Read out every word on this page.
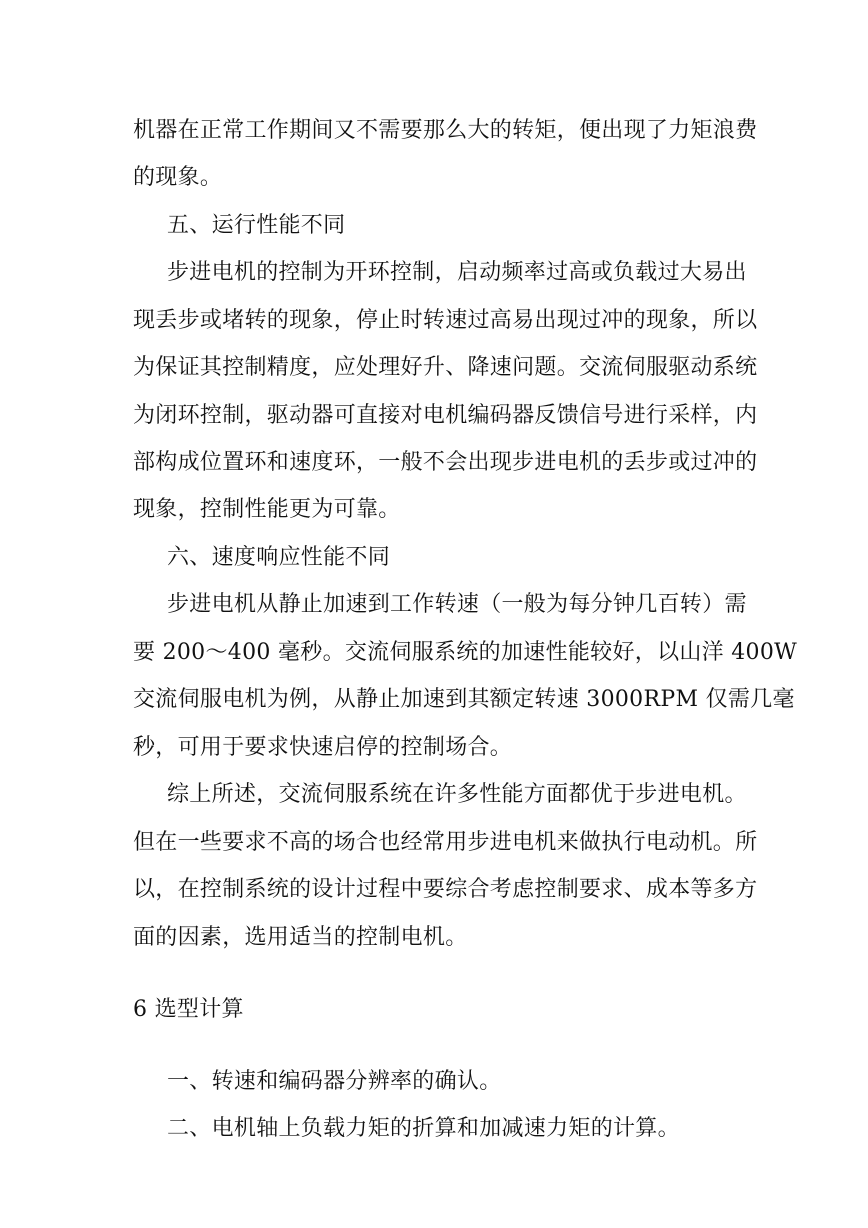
机器在正常工作期间又不需要那么大的转矩，便出现了力矩浪费
的现象。
五、运行性能不同
步进电机的控制为开环控制，启动频率过高或负载过大易出
现丢步或堵转的现象，停止时转速过高易出现过冲的现象，所以
为保证其控制精度，应处理好升、降速问题。交流伺服驱动系统
为闭环控制，驱动器可直接对电机编码器反馈信号进行采样，内
部构成位置环和速度环，一般不会出现步进电机的丢步或过冲的
现象，控制性能更为可靠。
六、速度响应性能不同
步进电机从静止加速到工作转速（一般为每分钟几百转）需
要 200～400 毫秒。交流伺服系统的加速性能较好，以山洋 400W
交流伺服电机为例，从静止加速到其额定转速 3000RPM 仅需几毫
秒，可用于要求快速启停的控制场合。
综上所述，交流伺服系统在许多性能方面都优于步进电机。
但在一些要求不高的场合也经常用步进电机来做执行电动机。所
以，在控制系统的设计过程中要综合考虑控制要求、成本等多方
面的因素，选用适当的控制电机。
6 选型计算
一、转速和编码器分辨率的确认。
二、电机轴上负载力矩的折算和加减速力矩的计算。
